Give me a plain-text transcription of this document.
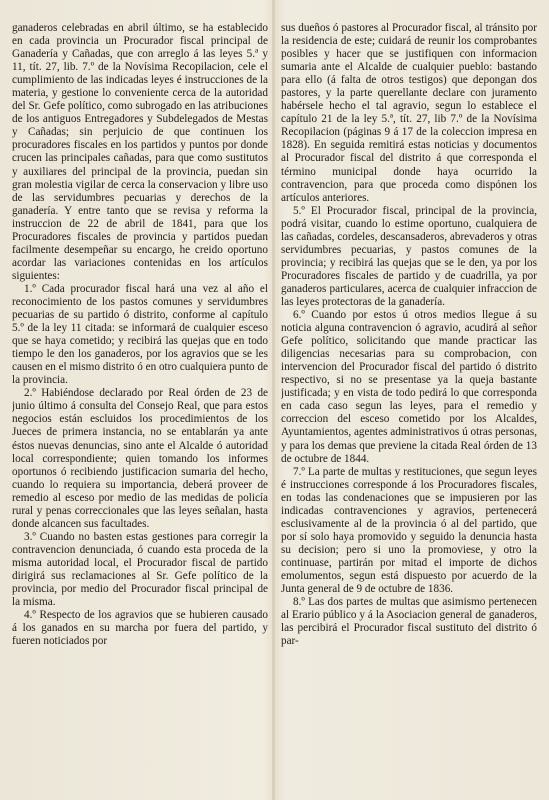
ganaderos celebradas en abril último, se ha establecido en cada provincia un Procurador fiscal principal de Ganadería y Cañadas, que con arreglo á las leyes 5.ª y 11, tít. 27, lib. 7.º de la Novísima Recopilacion, cele el cumplimiento de las indicadas leyes é instrucciones de la materia, y gestione lo conveniente cerca de la autoridad del Sr. Gefe político, como subrogado en las atribuciones de los antiguos Entregadores y Subdelegados de Mestas y Cañadas; sin perjuicio de que continuen los procuradores fiscales en los partidos y puntos por donde crucen las principales cañadas, para que como sustitutos y auxiliares del principal de la provincia, puedan sin gran molestia vigilar de cerca la conservacion y libre uso de las servidumbres pecuarias y derechos de la ganadería. Y entre tanto que se revisa y reforma la instruccion de 22 de abril de 1841, para que los Procuradores fiscales de provincia y partidos puedan facilmente desempeñar su encargo, he creido oportuno acordar las variaciones contenidas en los artículos siguientes:

1.º Cada procurador fiscal hará una vez al año el reconocimiento de los pastos comunes y servidumbres pecuarias de su partido ó distrito, conforme al capítulo 5.º de la ley 11 citada: se informará de cualquier esceso que se haya cometido; y recibirá las quejas que en todo tiempo le den los ganaderos, por los agravios que se les causen en el mismo distrito ó en otro cualquiera punto de la provincia.

2.º Habiéndose declarado por Real órden de 23 de junio último á consulta del Consejo Real, que para estos negocios están escluidos los procedimientos de los Jueces de primera instancia, no se entablarán ya ante éstos nuevas denuncias, sino ante el Alcalde ó autoridad local correspondiente; quien tomando los informes oportunos ó recibiendo justificacion sumaria del hecho, cuando lo requiera su importancia, deberá proveer de remedio al esceso por medio de las medidas de policía rural y penas correccionales que las leyes señalan, hasta donde alcancen sus facultades.

3.º Cuando no basten estas gestiones para corregir la contravencion denunciada, ó cuando esta proceda de la misma autoridad local, el Procurador fiscal de partido dirigirá sus reclamaciones al Sr. Gefe político de la provincia, por medio del Procurador fiscal principal de la misma.

4.º Respecto de los agravios que se hubieren causado á los ganados en su marcha por fuera del partido, y fueren noticiados por

sus dueños ó pastores al Procurador fiscal, al tránsito por la residencia de este; cuidará de reunir los comprobantes posibles y hacer que se justifiquen con informacion sumaria ante el Alcalde de cualquier pueblo: bastando para ello (á falta de otros testigos) que depongan dos pastores, y la parte querellante declare con juramento habérsele hecho el tal agravio, segun lo establece el capítulo 21 de la ley 5.ª, tít. 27, lib 7.º de la Novísima Recopilacion (páginas 9 á 17 de la coleccion impresa en 1828). En seguida remitirá estas noticias y documentos al Procurador fiscal del distrito á que corresponda el término municipal donde haya ocurrido la contravencion, para que proceda como dispónen los artículos anteriores.

5.º El Procurador fiscal, principal de la provincia, podrá visitar, cuando lo estime oportuno, cualquiera de las cañadas, cordeles, descansaderos, abrevaderos y otras servidumbres pecuarias, y pastos comunes de la provincia; y recibirá las quejas que se le den, ya por los Procuradores fiscales de partido y de cuadrilla, ya por ganaderos particulares, acerca de cualquier infraccion de las leyes protectoras de la ganadería.

6.º Cuando por estos ú otros medios llegue á su noticia alguna contravencion ó agravio, acudirá al señor Gefe político, solicitando que mande practicar las diligencias necesarias para su comprobacion, con intervencion del Procurador fiscal del partido ó distrito respectivo, si no se presentase ya la queja bastante justificada; y en vista de todo pedirá lo que corresponda en cada caso segun las leyes, para el remedio y correccion del esceso cometido por los Alcaldes, Ayuntamientos, agentes administrativos ú otras personas, y para los demas que previene la citada Real órden de 13 de octubre de 1844.

7.º La parte de multas y restituciones, que segun leyes é instrucciones corresponde á los Procuradores fiscales, en todas las condenaciones que se impusieren por las indicadas contravenciones y agravios, pertenecerá esclusivamente al de la provincia ó al del partido, que por sí solo haya promovido y seguido la denuncia hasta su decision; pero si uno la promoviese, y otro la continuase, partirán por mitad el importe de dichos emolumentos, segun está dispuesto por acuerdo de la Junta general de 9 de octubre de 1836.

8.º Las dos partes de multas que asimismo pertenecen al Erario público y á la Asociacion general de ganaderos, las percibirá el Procurador fiscal sustituto del distrito ó par-
